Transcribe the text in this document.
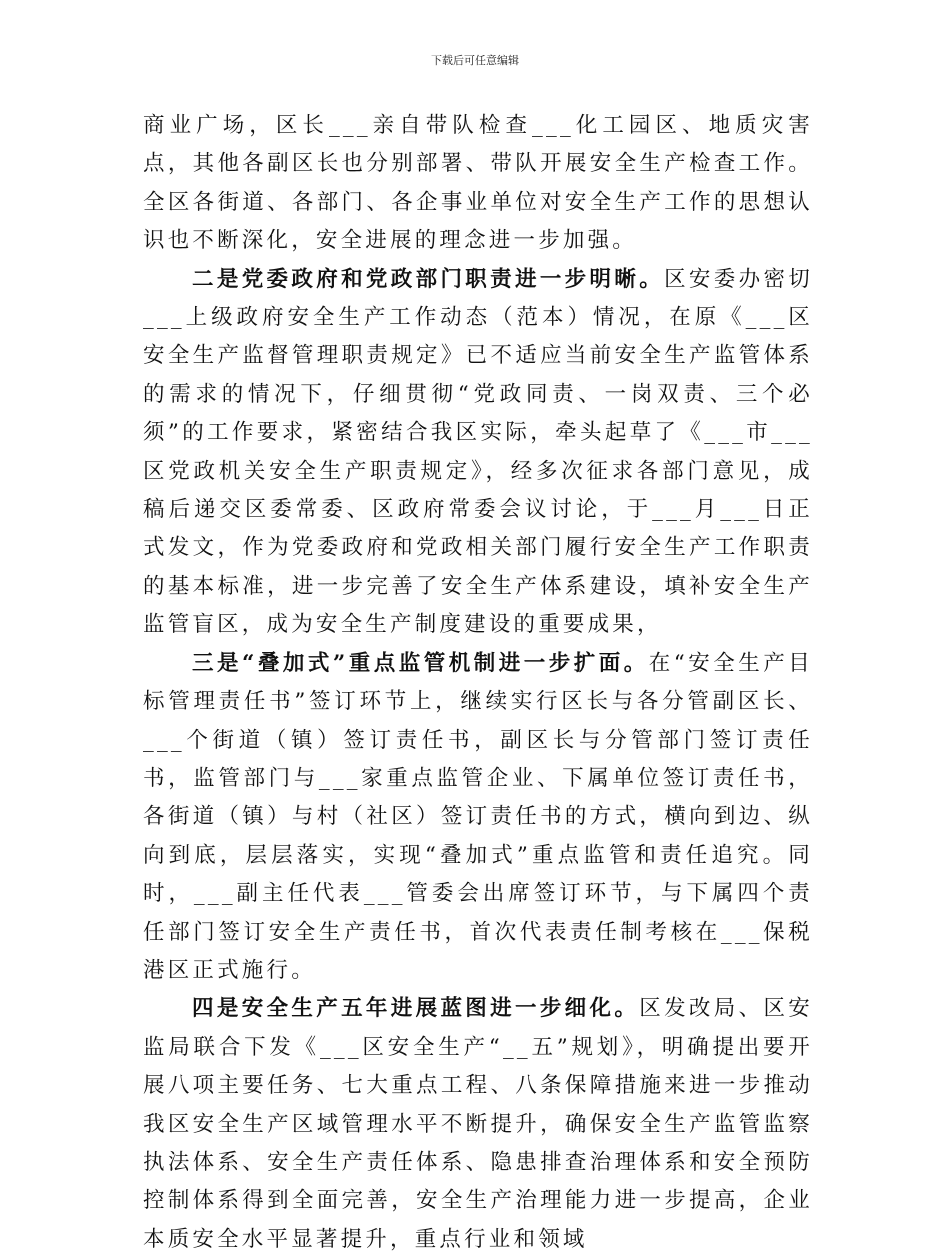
下载后可任意编辑

商业广场，区长___亲自带队检查___化工园区、地质灾害点，其他各副区长也分别部署、带队开展安全生产检查工作。全区各街道、各部门、各企事业单位对安全生产工作的思想认识也不断深化，安全进展的理念进一步加强。

二是党委政府和党政部门职责进一步明晰。区安委办密切___上级政府安全生产工作动态（范本）情况，在原《___区安全生产监督管理职责规定》已不适应当前安全生产监管体系的需求的情况下，仔细贯彻“党政同责、一岗双责、三个必须”的工作要求，紧密结合我区实际，牵头起草了《___市___区党政机关安全生产职责规定》，经多次征求各部门意见，成稿后递交区委常委、区政府常委会议讨论，于___月___日正式发文，作为党委政府和党政相关部门履行安全生产工作职责的基本标准，进一步完善了安全生产体系建设，填补安全生产监管盲区，成为安全生产制度建设的重要成果，

三是“叠加式”重点监管机制进一步扩面。在“安全生产目标管理责任书”签订环节上，继续实行区长与各分管副区长、___个街道（镇）签订责任书，副区长与分管部门签订责任书，监管部门与___家重点监管企业、下属单位签订责任书，各街道（镇）与村（社区）签订责任书的方式，横向到边、纵向到底，层层落实，实现“叠加式”重点监管和责任追究。同时，___副主任代表___管委会出席签订环节，与下属四个责任部门签订安全生产责任书，首次代表责任制考核在___保税港区正式施行。

四是安全生产五年进展蓝图进一步细化。区发改局、区安监局联合下发《___区安全生产“__五”规划》，明确提出要开展八项主要任务、七大重点工程、八条保障措施来进一步推动我区安全生产区域管理水平不断提升，确保安全生产监管监察执法体系、安全生产责任体系、隐患排查治理体系和安全预防控制体系得到全面完善，安全生产治理能力进一步提高，企业本质安全水平显著提升，重点行业和领域
